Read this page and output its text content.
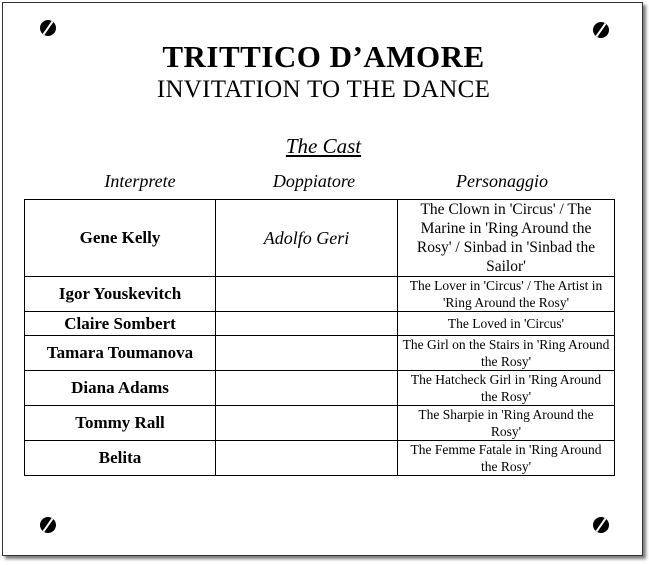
TRITTICO D’AMORE
INVITATION TO THE DANCE
The Cast
Interprete	Doppiatore	Personaggio
Gene Kelly	Adolfo Geri	The Clown in 'Circus' / The Marine in 'Ring Around the Rosy' / Sinbad in 'Sinbad the Sailor'
Igor Youskevitch		The Lover in 'Circus' / The Artist in 'Ring Around the Rosy'
Claire Sombert		The Loved in 'Circus'
Tamara Toumanova		The Girl on the Stairs in 'Ring Around the Rosy'
Diana Adams		The Hatcheck Girl in 'Ring Around the Rosy'
Tommy Rall		The Sharpie in 'Ring Around the Rosy'
Belita		The Femme Fatale in 'Ring Around the Rosy'
